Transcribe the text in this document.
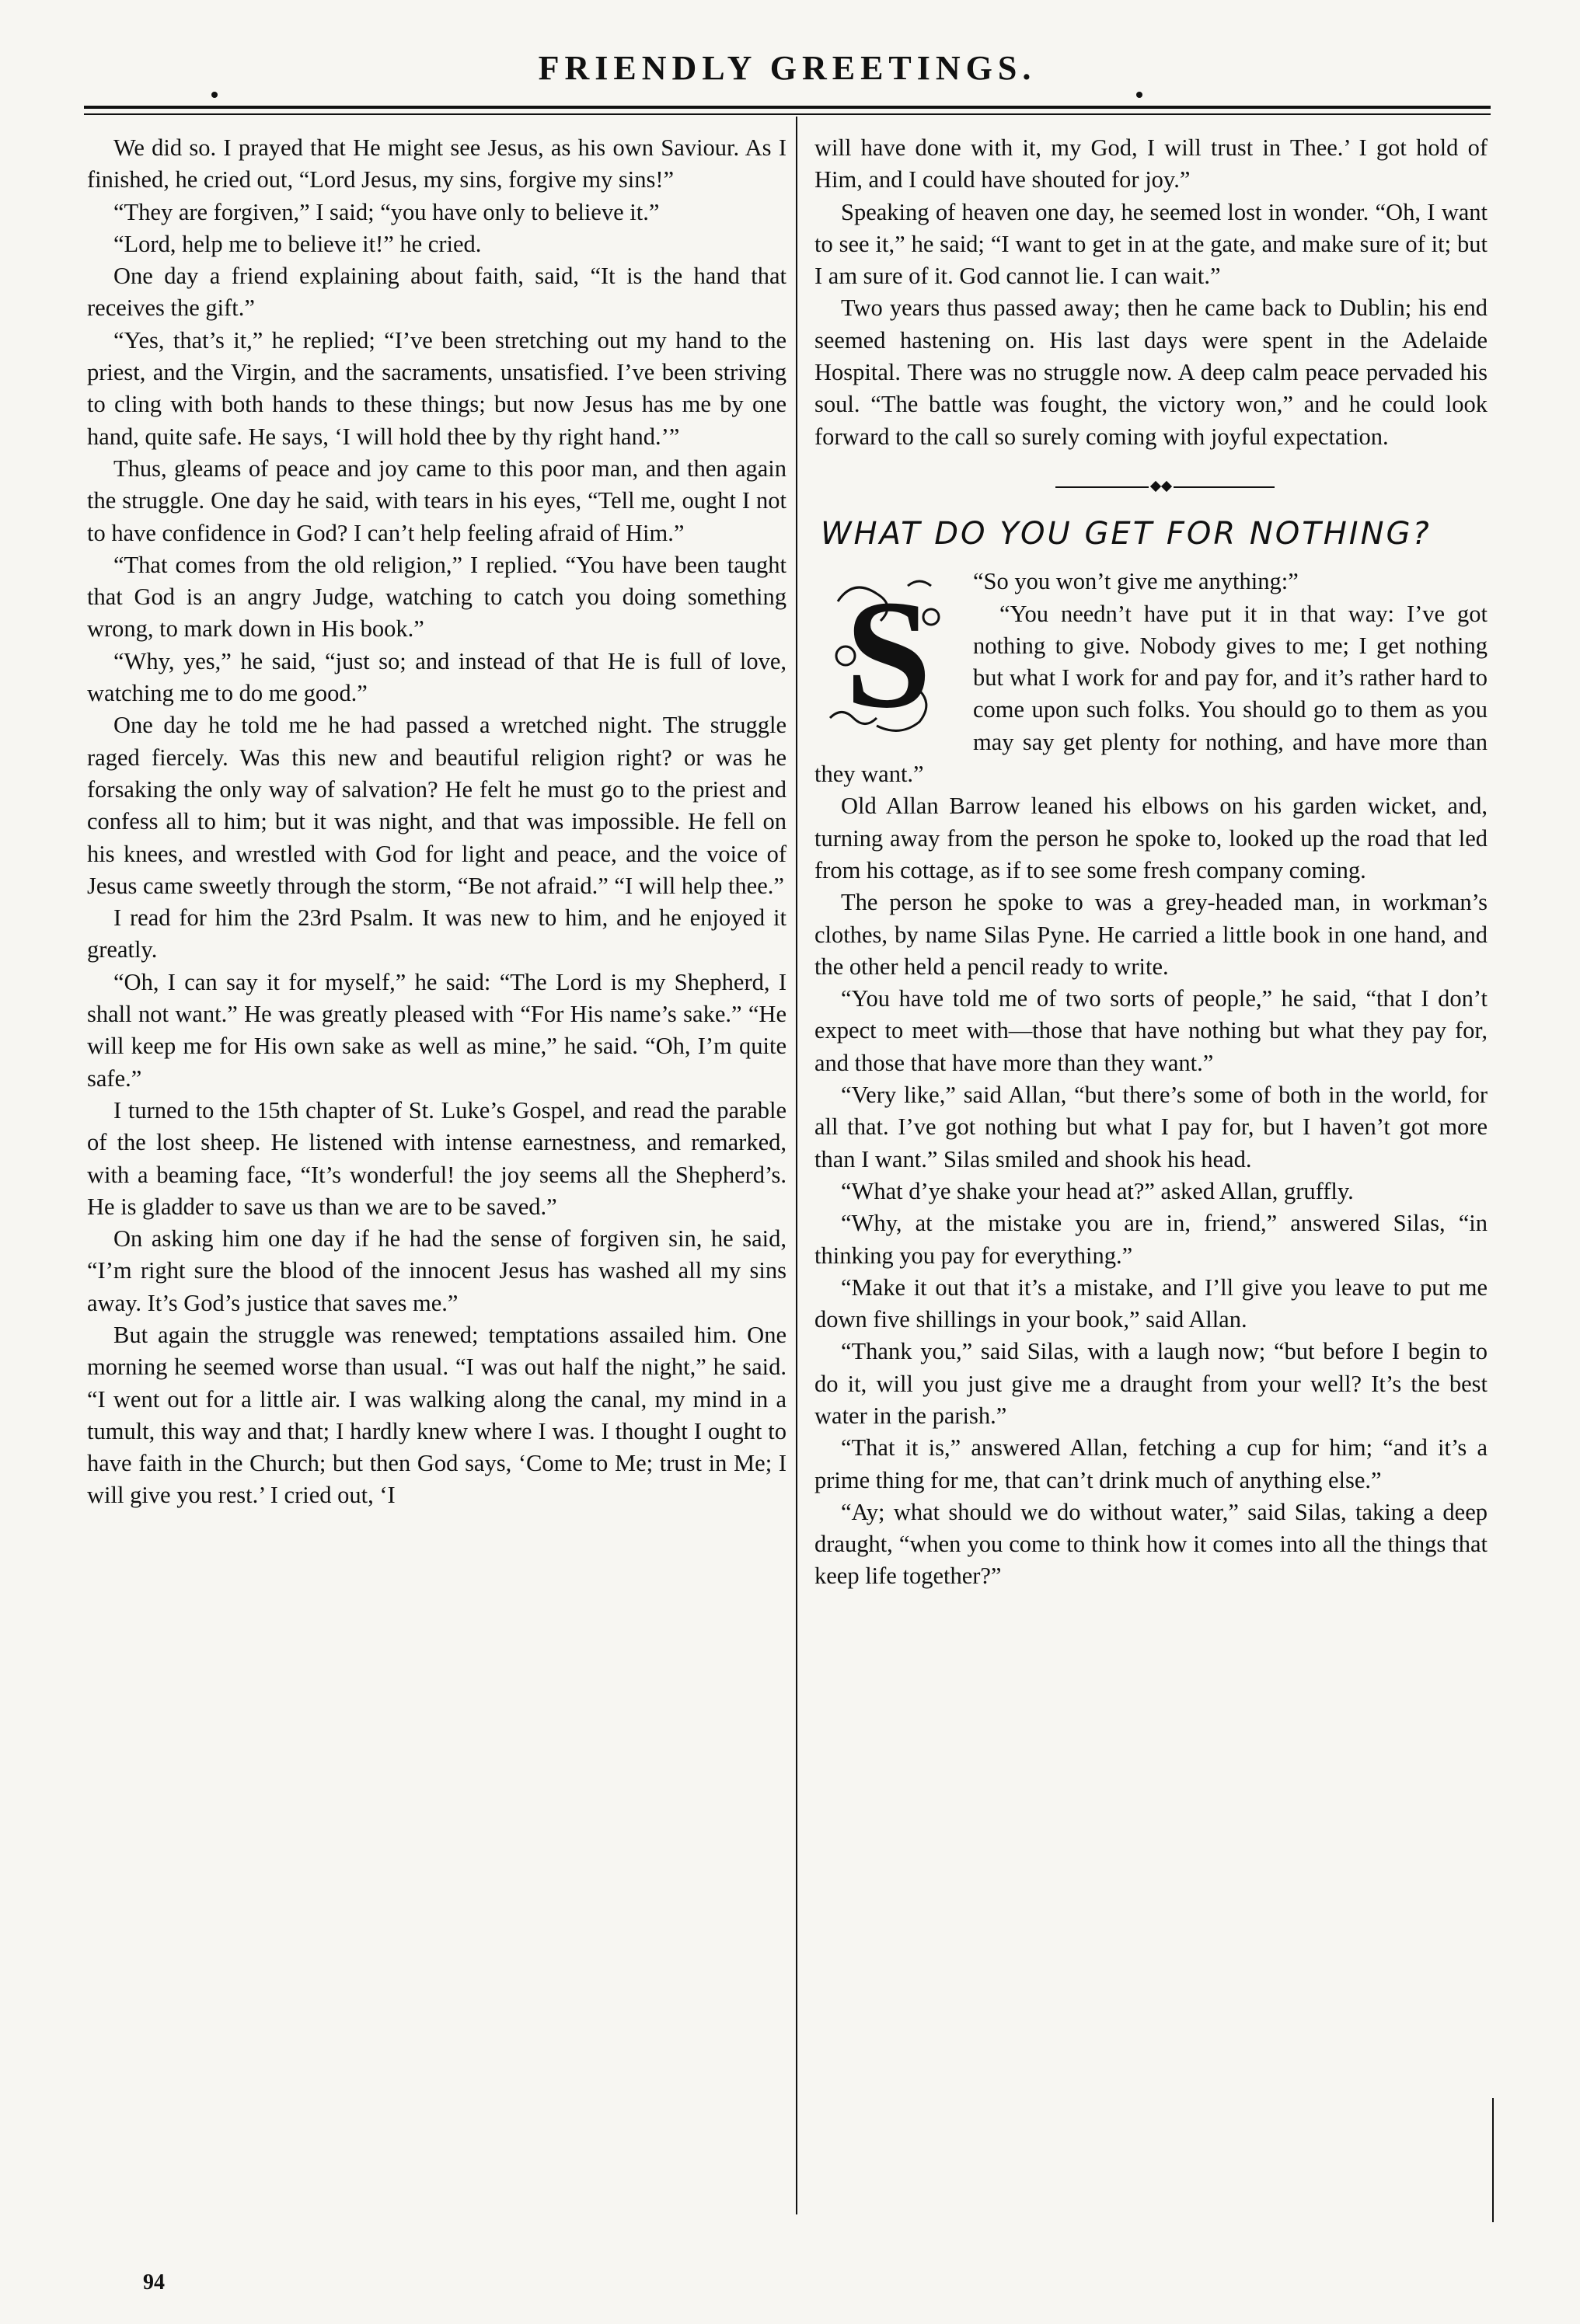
FRIENDLY GREETINGS.

We did so. I prayed that He might see Jesus, as his own Saviour. As I finished, he cried out, “Lord Jesus, my sins, forgive my sins!”

“They are forgiven,” I said; “you have only to believe it.”

“Lord, help me to believe it!” he cried.

One day a friend explaining about faith, said, “It is the hand that receives the gift.”

“Yes, that’s it,” he replied; “I’ve been stretching out my hand to the priest, and the Virgin, and the sacraments, unsatisfied. I’ve been striving to cling with both hands to these things; but now Jesus has me by one hand, quite safe. He says, ‘I will hold thee by thy right hand.’”

Thus, gleams of peace and joy came to this poor man, and then again the struggle. One day he said, with tears in his eyes, “Tell me, ought I not to have confidence in God? I can’t help feeling afraid of Him.”

“That comes from the old religion,” I replied. “You have been taught that God is an angry Judge, watching to catch you doing something wrong, to mark down in His book.”

“Why, yes,” he said, “just so; and instead of that He is full of love, watching me to do me good.”

One day he told me he had passed a wretched night. The struggle raged fiercely. Was this new and beautiful religion right? or was he forsaking the only way of salvation? He felt he must go to the priest and confess all to him; but it was night, and that was impossible. He fell on his knees, and wrestled with God for light and peace, and the voice of Jesus came sweetly through the storm, “Be not afraid.” “I will help thee.”

I read for him the 23rd Psalm. It was new to him, and he enjoyed it greatly.

“Oh, I can say it for myself,” he said: “The Lord is my Shepherd, I shall not want.” He was greatly pleased with “For His name’s sake.” “He will keep me for His own sake as well as mine,” he said. “Oh, I’m quite safe.”

I turned to the 15th chapter of St. Luke’s Gospel, and read the parable of the lost sheep. He listened with intense earnestness, and remarked, with a beaming face, “It’s wonderful! the joy seems all the Shepherd’s. He is gladder to save us than we are to be saved.”

On asking him one day if he had the sense of forgiven sin, he said, “I’m right sure the blood of the innocent Jesus has washed all my sins away. It’s God’s justice that saves me.”

But again the struggle was renewed; temptations assailed him. One morning he seemed worse than usual. “I was out half the night,” he said. “I went out for a little air. I was walking along the canal, my mind in a tumult, this way and that; I hardly knew where I was. I thought I ought to have faith in the Church; but then God says, ‘Come to Me; trust in Me; I will give you rest.’ I cried out, ‘I

will have done with it, my God, I will trust in Thee.’ I got hold of Him, and I could have shouted for joy.”

Speaking of heaven one day, he seemed lost in wonder. “Oh, I want to see it,” he said; “I want to get in at the gate, and make sure of it; but I am sure of it. God cannot lie. I can wait.”

Two years thus passed away; then he came back to Dublin; his end seemed hastening on. His last days were spent in the Adelaide Hospital. There was no struggle now. A deep calm peace pervaded his soul. “The battle was fought, the victory won,” and he could look forward to the call so surely coming with joyful expectation.

WHAT DO YOU GET FOR NOTHING?
S	“So you won’t give me anything:”

“You needn’t have put it in that way: I’ve got nothing to give. Nobody gives to me; I get nothing but what I work for and pay for, and it’s rather hard to come upon such folks. You should go to them as you may say get plenty for nothing, and have more than they want.”

Old Allan Barrow leaned his elbows on his garden wicket, and, turning away from the person he spoke to, looked up the road that led from his cottage, as if to see some fresh company coming.

The person he spoke to was a grey-headed man, in workman’s clothes, by name Silas Pyne. He carried a little book in one hand, and the other held a pencil ready to write.

“You have told me of two sorts of people,” he said, “that I don’t expect to meet with—those that have nothing but what they pay for, and those that have more than they want.”

“Very like,” said Allan, “but there’s some of both in the world, for all that. I’ve got nothing but what I pay for, but I haven’t got more than I want.” Silas smiled and shook his head.

“What d’ye shake your head at?” asked Allan, gruffly.

“Why, at the mistake you are in, friend,” answered Silas, “in thinking you pay for everything.”

“Make it out that it’s a mistake, and I’ll give you leave to put me down five shillings in your book,” said Allan.

“Thank you,” said Silas, with a laugh now; “but before I begin to do it, will you just give me a draught from your well? It’s the best water in the parish.”

“That it is,” answered Allan, fetching a cup for him; “and it’s a prime thing for me, that can’t drink much of anything else.”

“Ay; what should we do without water,” said Silas, taking a deep draught, “when you come to think how it comes into all the things that keep life together?”

94
